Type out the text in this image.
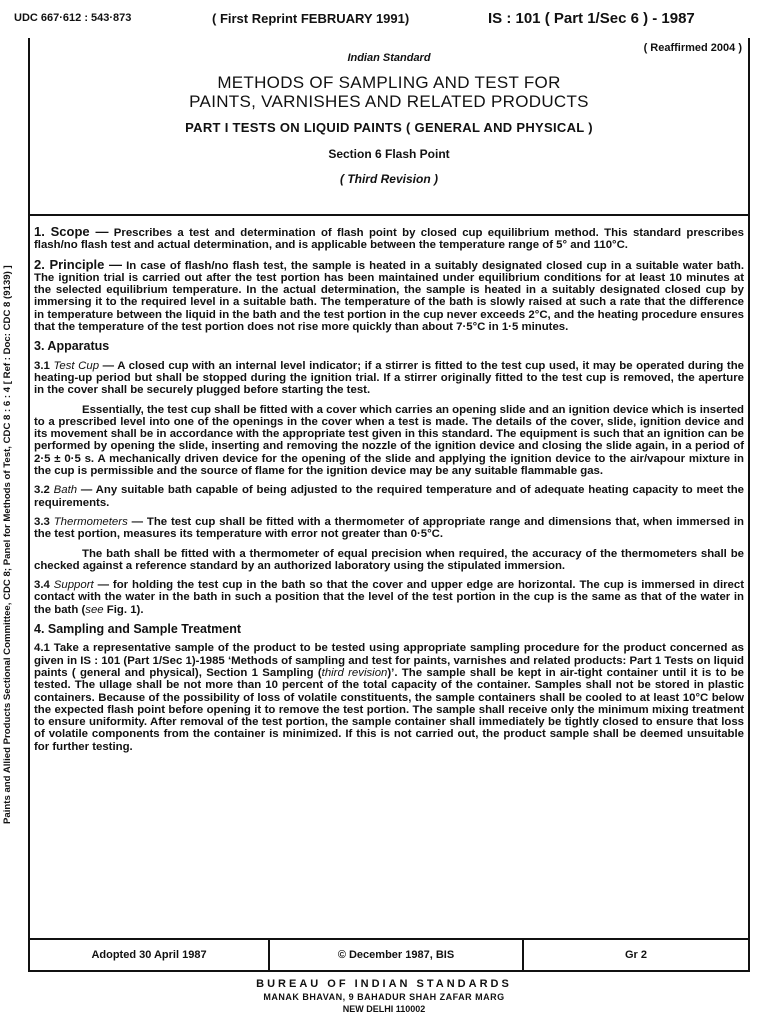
UDC 667·612 : 543·873	( First Reprint FEBRUARY 1991)	IS : 101 ( Part 1/Sec 6 ) - 1987
Paints and Allied Products Sectional Committee, CDC 8; Panel for Methods of Test, CDC 8 : 6 : 4 [ Ref : Doc: CDC 8 (9139) ]
( Reaffirmed 2004 )
Indian Standard
METHODS OF SAMPLING AND TEST FOR
PAINTS, VARNISHES AND RELATED PRODUCTS
PART I TESTS ON LIQUID PAINTS ( GENERAL AND PHYSICAL )
Section 6 Flash Point
( Third Revision )

1. Scope — Prescribes a test and determination of flash point by closed cup equilibrium method. This standard prescribes flash/no flash test and actual determination, and is applicable between the temperature range of 5° and 110°C.

2. Principle — In case of flash/no flash test, the sample is heated in a suitably designated closed cup in a suitable water bath. The ignition trial is carried out after the test portion has been maintained under equilibrium conditions for at least 10 minutes at the selected equilibrium temperature. In the actual determination, the sample is heated in a suitably designated closed cup by immersing it to the required level in a suitable bath. The temperature of the bath is slowly raised at such a rate that the difference in temperature between the liquid in the bath and the test portion in the cup never exceeds 2°C, and the heating procedure ensures that the temperature of the test portion does not rise more quickly than about 7·5°C in 1·5 minutes.

3. Apparatus

3.1 Test Cup — A closed cup with an internal level indicator; if a stirrer is fitted to the test cup used, it may be operated during the heating-up period but shall be stopped during the ignition trial. If a stirrer originally fitted to the test cup is removed, the aperture in the cover shall be securely plugged before starting the test.

Essentially, the test cup shall be fitted with a cover which carries an opening slide and an ignition device which is inserted to a prescribed level into one of the openings in the cover when a test is made. The details of the cover, slide, ignition device and its movement shall be in accordance with the appropriate test given in this standard. The equipment is such that an ignition can be performed by opening the slide, inserting and removing the nozzle of the ignition device and closing the slide again, in a period of 2·5 ± 0·5 s. A mechanically driven device for the opening of the slide and applying the ignition device to the air/vapour mixture in the cup is permissible and the source of flame for the ignition device may be any suitable flammable gas.

3.2 Bath — Any suitable bath capable of being adjusted to the required temperature and of adequate heating capacity to meet the requirements.

3.3 Thermometers — The test cup shall be fitted with a thermometer of appropriate range and dimensions that, when immersed in the test portion, measures its temperature with error not greater than 0·5°C.

The bath shall be fitted with a thermometer of equal precision when required, the accuracy of the thermometers shall be checked against a reference standard by an authorized laboratory using the stipulated immersion.

3.4 Support — for holding the test cup in the bath so that the cover and upper edge are horizontal. The cup is immersed in direct contact with the water in the bath in such a position that the level of the test portion in the cup is the same as that of the water in the bath (see Fig. 1).

4. Sampling and Sample Treatment

4.1 Take a representative sample of the product to be tested using appropriate sampling procedure for the product concerned as given in IS : 101 (Part 1/Sec 1)-1985 ‘Methods of sampling and test for paints, varnishes and related products: Part 1 Tests on liquid paints ( general and physical), Section 1 Sampling (third revision)’. The sample shall be kept in air-tight container until it is to be tested. The ullage shall be not more than 10 percent of the total capacity of the container. Samples shall not be stored in plastic containers. Because of the possibility of loss of volatile constituents, the sample containers shall be cooled to at least 10°C below the expected flash point before opening it to remove the test portion. The sample shall receive only the minimum mixing treatment to ensure uniformity. After removal of the test portion, the sample container shall immediately be tightly closed to ensure that loss of volatile components from the container is minimized. If this is not carried out, the product sample shall be deemed unsuitable for further testing.

Adopted 30 April 1987	© December 1987, BIS	Gr 2
BUREAU OF INDIAN STANDARDS
MANAK BHAVAN, 9 BAHADUR SHAH ZAFAR MARG
NEW DELHI 110002
